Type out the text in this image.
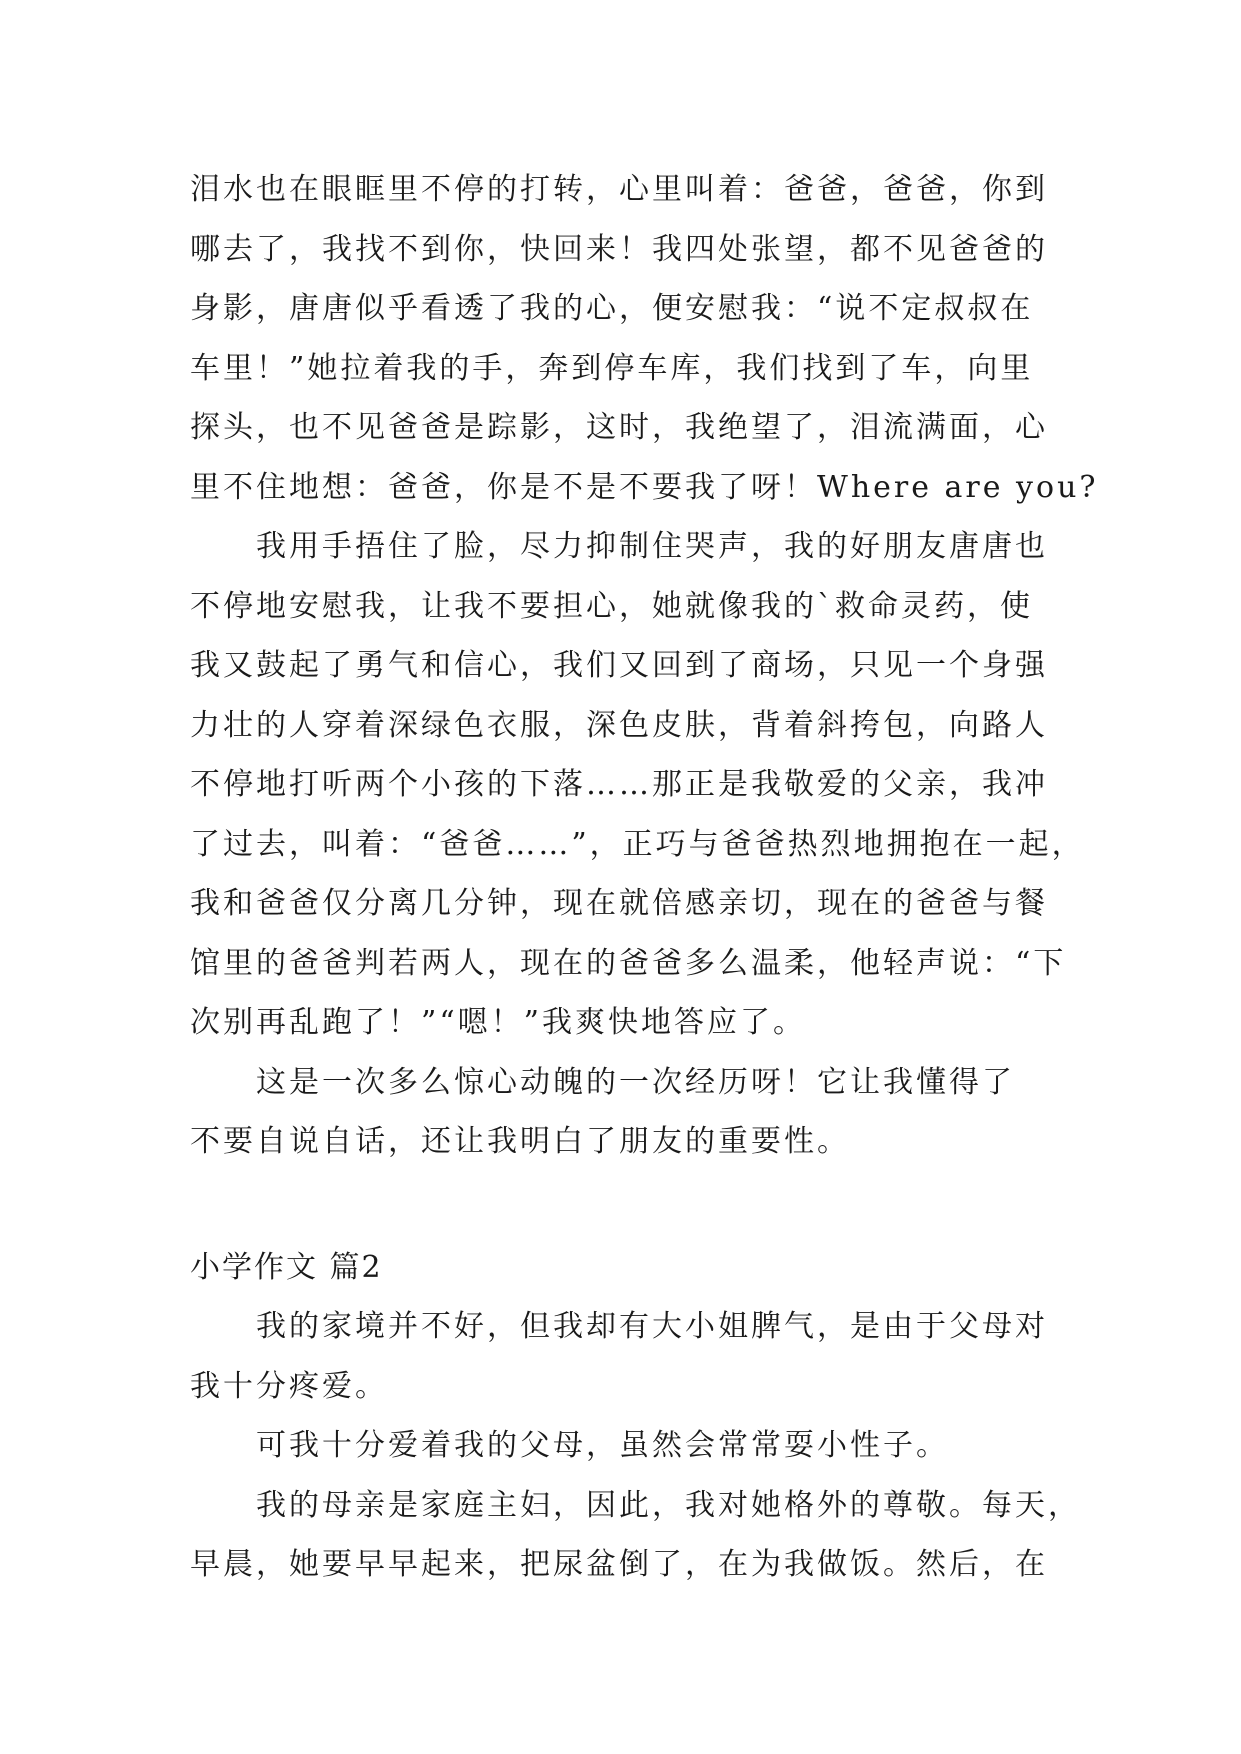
泪水也在眼眶里不停的打转，心里叫着：爸爸，爸爸，你到

哪去了，我找不到你，快回来！我四处张望，都不见爸爸的

身影，唐唐似乎看透了我的心，便安慰我：“说不定叔叔在

车里！”她拉着我的手，奔到停车库，我们找到了车，向里

探头，也不见爸爸是踪影，这时，我绝望了，泪流满面，心

里不住地想：爸爸，你是不是不要我了呀！Where are you?

我用手捂住了脸，尽力抑制住哭声，我的好朋友唐唐也

不停地安慰我，让我不要担心，她就像我的`救命灵药，使

我又鼓起了勇气和信心，我们又回到了商场，只见一个身强

力壮的人穿着深绿色衣服，深色皮肤，背着斜挎包，向路人

不停地打听两个小孩的下落……那正是我敬爱的父亲，我冲

了过去，叫着：“爸爸……”，正巧与爸爸热烈地拥抱在一起，

我和爸爸仅分离几分钟，现在就倍感亲切，现在的爸爸与餐

馆里的爸爸判若两人，现在的爸爸多么温柔，他轻声说：“下

次别再乱跑了！”“嗯！”我爽快地答应了。

这是一次多么惊心动魄的一次经历呀！它让我懂得了

不要自说自话，还让我明白了朋友的重要性。

小学作文 篇2

我的家境并不好，但我却有大小姐脾气，是由于父母对

我十分疼爱。

可我十分爱着我的父母，虽然会常常耍小性子。

我的母亲是家庭主妇，因此，我对她格外的尊敬。每天，

早晨，她要早早起来，把尿盆倒了，在为我做饭。然后，在
